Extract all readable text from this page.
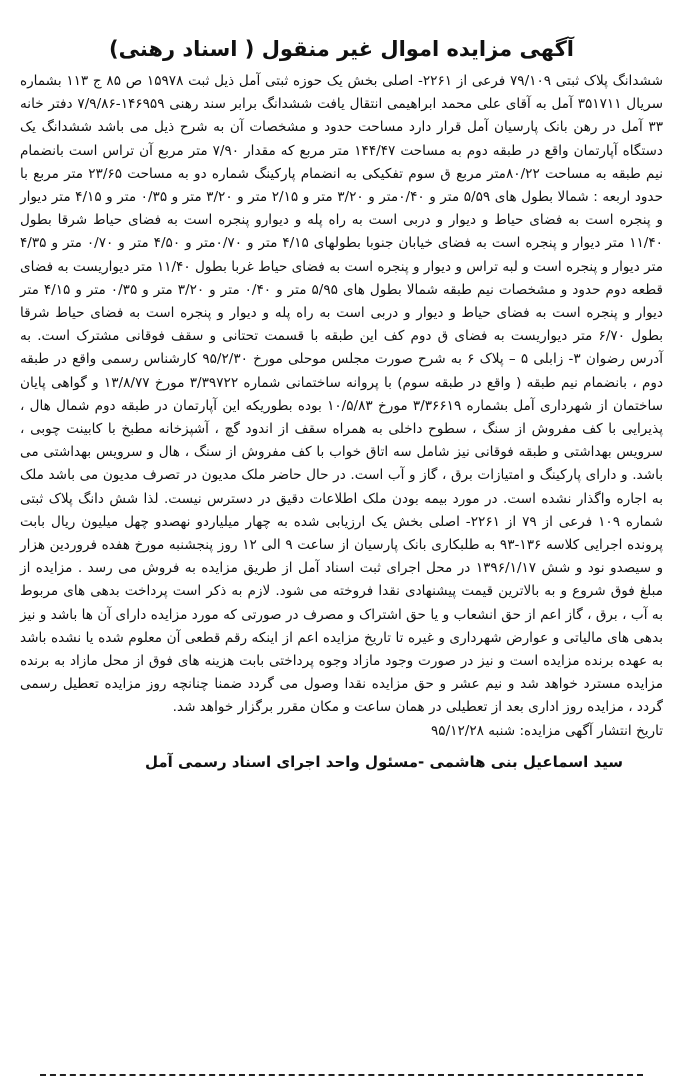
آگهی مزایده اموال غیر منقول ( اسناد رهنی)

ششدانگ پلاک ثبتی ۷۹/۱۰۹ فرعی از ۲۲۶۱- اصلی بخش یک حوزه ثبتی آمل ذیل ثبت ۱۵۹۷۸ ص ۸۵ ج ۱۱۳ بشماره سریال ۳۵۱۷۱۱ آمل به آقای علی محمد ابراهیمی انتقال یافت ششدانگ برابر سند رهنی ۱۴۶۹۵۹-۷/۹/۸۶ دفتر خانه ۳۳ آمل در رهن بانک پارسیان آمل قرار دارد مساحت حدود و مشخصات آن به شرح ذیل می باشد ششدانگ یک دستگاه آپارتمان واقع در طبقه دوم به مساحت ۱۴۴/۴۷ متر مربع که مقدار ۷/۹۰ متر مربع آن تراس است بانضمام نیم طبقه به مساحت ۸۰/۲۲متر مربع ق سوم تفکیکی به انضمام پارکینگ شماره دو به مساحت ۲۳/۶۵ متر مربع با حدود اربعه : شمالا بطول های ۵/۵۹ متر و ۰/۴۰متر و ۳/۲۰ متر و ۲/۱۵ متر و ۳/۲۰ متر و ۰/۳۵ متر و ۴/۱۵ متر دیوار و پنجره است به فضای حیاط و دیوار و دربی است به راه پله و دیوارو پنجره است به فضای حیاط شرقا بطول ۱۱/۴۰ متر دیوار و پنجره است به فضای خیابان جنوبا بطولهای ۴/۱۵ متر و ۰/۷۰متر و ۴/۵۰ متر و ۰/۷۰ متر و ۴/۳۵ متر دیوار و پنجره است و لبه تراس و دیوار و پنجره است به فضای حیاط غربا بطول ۱۱/۴۰ متر دیواریست به فضای قطعه دوم حدود و مشخصات نیم طبقه شمالا بطول های ۵/۹۵ متر و ۰/۴۰ متر و ۳/۲۰ متر و ۰/۳۵ متر و ۴/۱۵ متر دیوار و پنجره است به فضای حیاط و دیوار و دربی است به راه پله و دیوار و پنجره است به فضای حیاط شرقا بطول ۶/۷۰ متر دیواریست به فضای ق دوم کف این طبقه با قسمت تحتانی و سقف فوقانی مشترک است. به آدرس رضوان ۳- زابلی ۵ – پلاک ۶ به شرح صورت مجلس موحلی مورخ ۹۵/۲/۳۰ کارشناس رسمی واقع در طبقه دوم ، بانضمام نیم طبقه ( واقع در طبقه سوم) با پروانه ساختمانی شماره ۳/۳۹۷۲۲ مورخ ۱۳/۸/۷۷ و گواهی پایان ساختمان از شهرداری آمل بشماره ۳/۳۶۶۱۹ مورخ ۱۰/۵/۸۳ بوده بطوریکه این آپارتمان در طبقه دوم شمال هال ، پذیرایی با کف مفروش از سنگ ، سطوح داخلی به همراه سقف از اندود گچ ، آشپزخانه مطبخ با کابینت چوبی ، سرویس بهداشتی و طبقه فوقانی نیز شامل سه اتاق خواب با کف مفروش از سنگ ، هال و سرویس بهداشتی می باشد. و دارای پارکینگ و امتیازات برق ، گاز و آب است. در حال حاضر ملک مدیون در تصرف مدیون می باشد ملک به اجاره واگذار نشده است. در مورد بیمه بودن ملک اطلاعات دقیق در دسترس نیست. لذا شش دانگ پلاک ثبتی شماره ۱۰۹ فرعی از ۷۹ از ۲۲۶۱- اصلی بخش یک ارزیابی شده به چهار میلیاردو نهصدو چهل میلیون ریال بابت پرونده اجرایی کلاسه ۱۳۶-۹۳ به طلبکاری بانک پارسیان از ساعت ۹ الی ۱۲ روز پنجشنبه مورخ هفده فروردین هزار و سیصدو نود و شش ۱۳۹۶/۱/۱۷ در محل اجرای ثبت اسناد آمل از طریق مزایده به فروش می رسد . مزایده از مبلغ فوق شروع و به بالاترین قیمت پیشنهادی نقدا فروخته می شود. لازم به ذکر است پرداخت بدهی های مربوط به آب ، برق ، گاز اعم از حق انشعاب و یا حق اشتراک و مصرف در صورتی که مورد مزایده دارای آن ها باشد و نیز بدهی های مالیاتی و عوارض شهرداری و غیره تا تاریخ مزایده اعم از اینکه رقم قطعی آن معلوم شده یا نشده باشد به عهده برنده مزایده است و نیز در صورت وجود مازاد وجوه پرداختی بابت هزینه های فوق از محل مازاد به برنده مزایده مسترد خواهد شد و نیم عشر و حق مزایده نقدا وصول می گردد ضمنا چنانچه روز مزایده تعطیل رسمی گردد ، مزایده روز اداری بعد از تعطیلی در همان ساعت و مکان مقرر برگزار خواهد شد.

تاریخ انتشار آگهی مزایده: شنبه ۹۵/۱۲/۲۸

سید اسماعیل بنی هاشمی -مسئول واحد اجرای اسناد رسمی آمل
